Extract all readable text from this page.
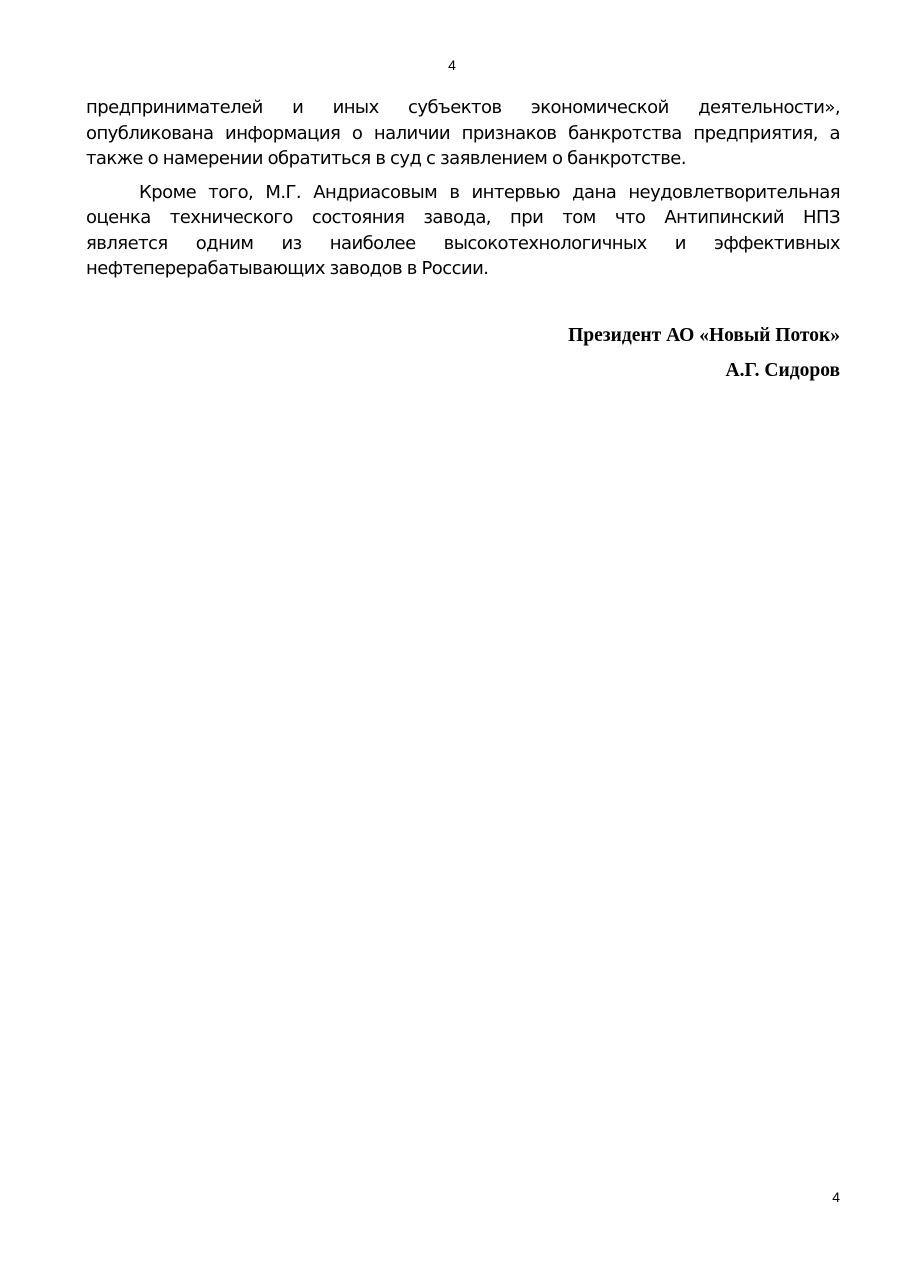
4

предпринимателей и иных субъектов экономической деятельности»,
опубликована информация о наличии признаков банкротства предприятия, а
также о намерении обратиться в суд с заявлением о банкротстве.

Кроме того, М.Г. Андриасовым в интервью дана неудовлетворительная
оценка технического состояния завода, при том что Антипинский НПЗ
является одним из наиболее высокотехнологичных и эффективных
нефтеперерабатывающих заводов в России.

Президент АО «Новый Поток»
А.Г. Сидоров
4
